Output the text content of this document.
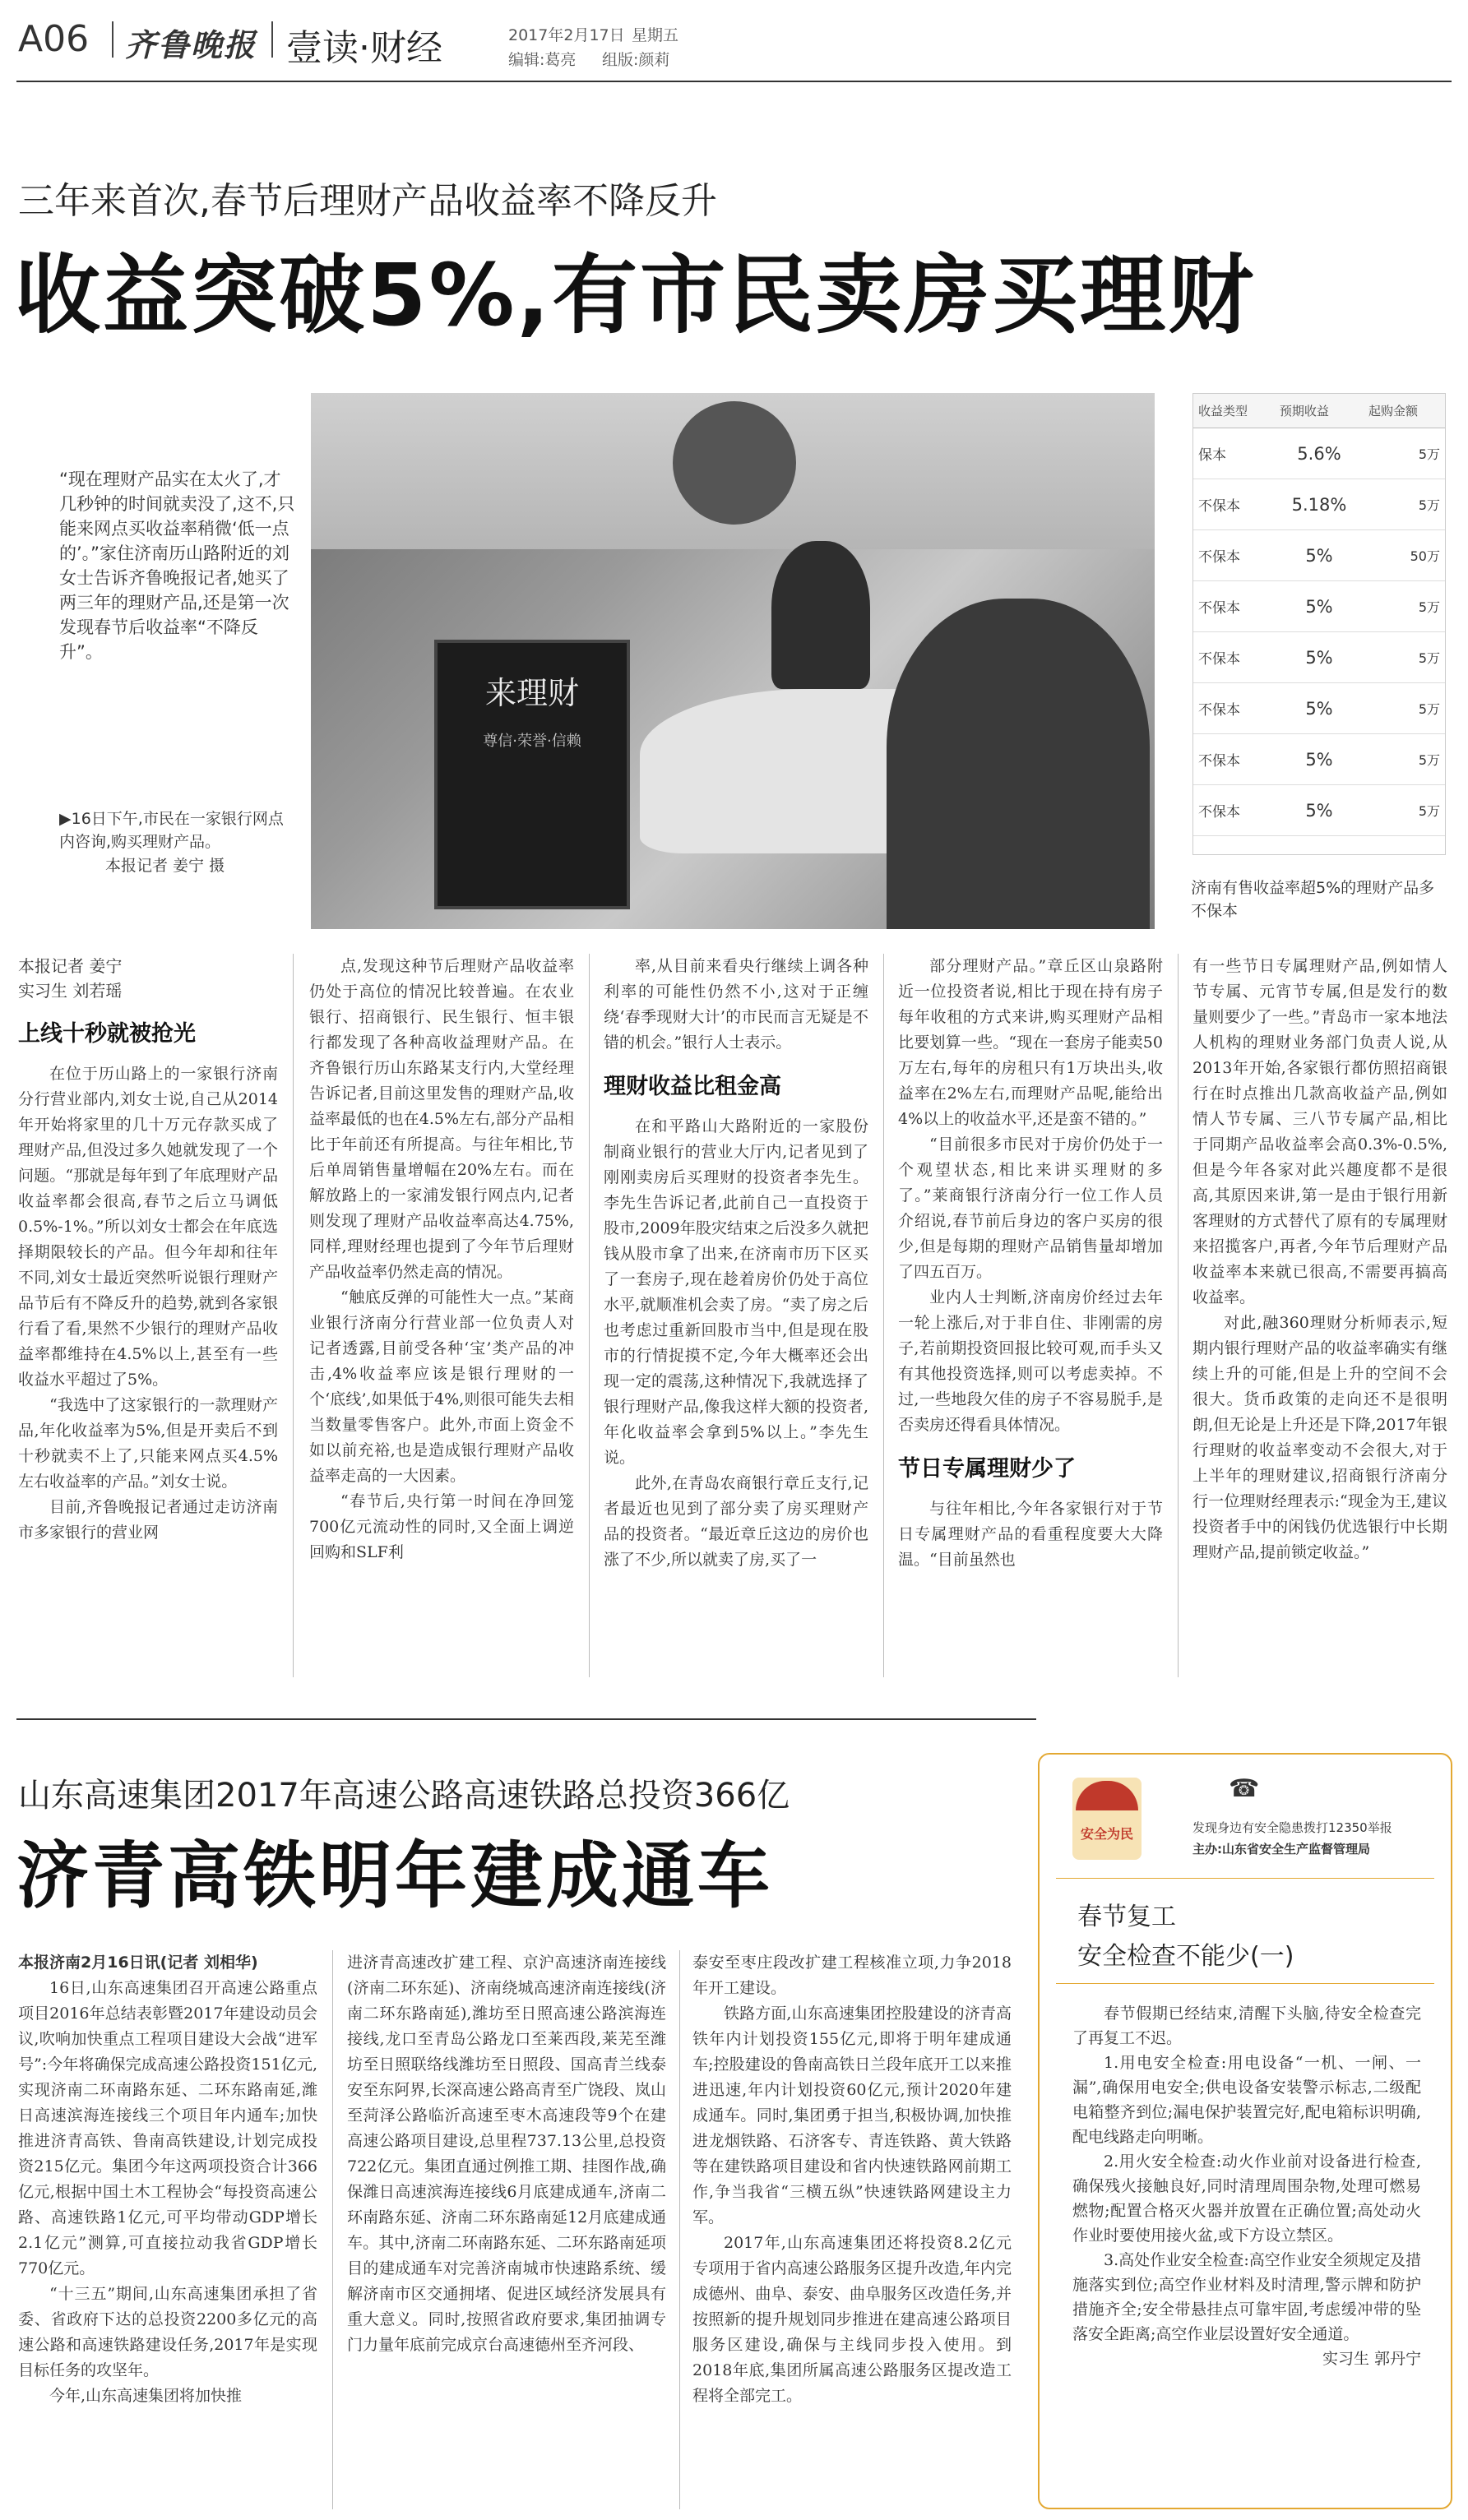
A06 齐鲁晚报 壹读·财经	2017年2月17日 星期五
编辑:葛亮 组版:颜莉
三年来首次,春节后理财产品收益率不降反升
收益突破5%,有市民卖房买理财
“现在理财产品实在太火了,才几秒钟的时间就卖没了,这不,只能来网点买收益率稍微‘低一点的’。”家住济南历山路附近的刘女士告诉齐鲁晚报记者,她买了两三年的理财产品,还是第一次发现春节后收益率“不降反升”。
▶16日下午,市民在一家银行网点内咨询,购买理财产品。
本报记者 姜宁 摄
来理财
尊信·荣誉·信赖
收益类型	预期收益	起购金额
保本	5.6%	5万
不保本	5.18%	5万
不保本	5%	50万
不保本	5%	5万
不保本	5%	5万
不保本	5%	5万
不保本	5%	5万
不保本	5%	5万
济南有售收益率超5%的理财产品多不保本

本报记者 姜宁

实习生 刘若瑶

上线十秒就被抢光

在位于历山路上的一家银行济南分行营业部内,刘女士说,自己从2014年开始将家里的几十万元存款买成了理财产品,但没过多久她就发现了一个问题。“那就是每年到了年底理财产品收益率都会很高,春节之后立马调低0.5%-1%。”所以刘女士都会在年底选择期限较长的产品。但今年却和往年不同,刘女士最近突然听说银行理财产品节后有不降反升的趋势,就到各家银行看了看,果然不少银行的理财产品收益率都维持在4.5%以上,甚至有一些收益水平超过了5%。

“我选中了这家银行的一款理财产品,年化收益率为5%,但是开卖后不到十秒就卖不上了,只能来网点买4.5%左右收益率的产品。”刘女士说。

目前,齐鲁晚报记者通过走访济南市多家银行的营业网

点,发现这种节后理财产品收益率仍处于高位的情况比较普遍。在农业银行、招商银行、民生银行、恒丰银行都发现了各种高收益理财产品。在齐鲁银行历山东路某支行内,大堂经理告诉记者,目前这里发售的理财产品,收益率最低的也在4.5%左右,部分产品相比于年前还有所提高。与往年相比,节后单周销售量增幅在20%左右。而在解放路上的一家浦发银行网点内,记者则发现了理财产品收益率高达4.75%,同样,理财经理也提到了今年节后理财产品收益率仍然走高的情况。

“触底反弹的可能性大一点。”某商业银行济南分行营业部一位负责人对记者透露,目前受各种‘宝’类产品的冲击,4%收益率应该是银行理财的一个‘底线’,如果低于4%,则很可能失去相当数量零售客户。此外,市面上资金不如以前充裕,也是造成银行理财产品收益率走高的一大因素。

“春节后,央行第一时间在净回笼700亿元流动性的同时,又全面上调逆回购和SLF利

率,从目前来看央行继续上调各种利率的可能性仍然不小,这对于正缠绕‘春季现财大计’的市民而言无疑是不错的机会。”银行人士表示。

理财收益比租金高

在和平路山大路附近的一家股份制商业银行的营业大厅内,记者见到了刚刚卖房后买理财的投资者李先生。李先生告诉记者,此前自己一直投资于股市,2009年股灾结束之后没多久就把钱从股市拿了出来,在济南市历下区买了一套房子,现在趁着房价仍处于高位水平,就顺准机会卖了房。“卖了房之后也考虑过重新回股市当中,但是现在股市的行情捉摸不定,今年大概率还会出现一定的震荡,这种情况下,我就选择了银行理财产品,像我这样大额的投资者,年化收益率会拿到5%以上。”李先生说。

此外,在青岛农商银行章丘支行,记者最近也见到了部分卖了房买理财产品的投资者。“最近章丘这边的房价也涨了不少,所以就卖了房,买了一

部分理财产品。”章丘区山泉路附近一位投资者说,相比于现在持有房子每年收租的方式来讲,购买理财产品相比要划算一些。“现在一套房子能卖50万左右,每年的房租只有1万块出头,收益率在2%左右,而理财产品呢,能给出4%以上的收益水平,还是蛮不错的。”

“目前很多市民对于房价仍处于一个观望状态,相比来讲买理财的多了。”莱商银行济南分行一位工作人员介绍说,春节前后身边的客户买房的很少,但是每期的理财产品销售量却增加了四五百万。

业内人士判断,济南房价经过去年一轮上涨后,对于非自住、非刚需的房子,若前期投资回报比较可观,而手头又有其他投资选择,则可以考虑卖掉。不过,一些地段欠佳的房子不容易脱手,是否卖房还得看具体情况。

节日专属理财少了

与往年相比,今年各家银行对于节日专属理财产品的看重程度要大大降温。“目前虽然也

有一些节日专属理财产品,例如情人节专属、元宵节专属,但是发行的数量则要少了一些。”青岛市一家本地法人机构的理财业务部门负责人说,从2013年开始,各家银行都仿照招商银行在时点推出几款高收益产品,例如情人节专属、三八节专属产品,相比于同期产品收益率会高0.3%-0.5%,但是今年各家对此兴趣度都不是很高,其原因来讲,第一是由于银行用新客理财的方式替代了原有的专属理财来招揽客户,再者,今年节后理财产品收益率本来就已很高,不需要再搞高收益率。

对此,融360理财分析师表示,短期内银行理财产品的收益率确实有继续上升的可能,但是上升的空间不会很大。货币政策的走向还不是很明朗,但无论是上升还是下降,2017年银行理财的收益率变动不会很大,对于上半年的理财建议,招商银行济南分行一位理财经理表示:“现金为王,建议投资者手中的闲钱仍优选银行中长期理财产品,提前锁定收益。”

山东高速集团2017年高速公路高速铁路总投资366亿
济青高铁明年建成通车

本报济南2月16日讯(记者 刘相华)

16日,山东高速集团召开高速公路重点项目2016年总结表彰暨2017年建设动员会议,吹响加快重点工程项目建设大会战“进军号”:今年将确保完成高速公路投资151亿元,实现济南二环南路东延、二环东路南延,潍日高速滨海连接线三个项目年内通车;加快推进济青高铁、鲁南高铁建设,计划完成投资215亿元。集团今年这两项投资合计366亿元,根据中国土木工程协会“每投资高速公路、高速铁路1亿元,可平均带动GDP增长2.1亿元”测算,可直接拉动我省GDP增长770亿元。

“十三五”期间,山东高速集团承担了省委、省政府下达的总投资2200多亿元的高速公路和高速铁路建设任务,2017年是实现目标任务的攻坚年。

今年,山东高速集团将加快推

进济青高速改扩建工程、京沪高速济南连接线(济南二环东延)、济南绕城高速济南连接线(济南二环东路南延),潍坊至日照高速公路滨海连接线,龙口至青岛公路龙口至莱西段,莱芜至潍坊至日照联络线潍坊至日照段、国高青兰线泰安至东阿界,长深高速公路高青至广饶段、岚山至菏泽公路临沂高速至枣木高速段等9个在建高速公路项目建设,总里程737.13公里,总投资722亿元。集团直通过例推工期、挂图作战,确保潍日高速滨海连接线6月底建成通车,济南二环南路东延、济南二环东路南延12月底建成通车。其中,济南二环南路东延、二环东路南延项目的建成通车对完善济南城市快速路系统、缓解济南市区交通拥堵、促进区域经济发展具有重大意义。同时,按照省政府要求,集团抽调专门力量年底前完成京台高速德州至齐河段、

泰安至枣庄段改扩建工程核准立项,力争2018年开工建设。

铁路方面,山东高速集团控股建设的济青高铁年内计划投资155亿元,即将于明年建成通车;控股建设的鲁南高铁日兰段年底开工以来推进迅速,年内计划投资60亿元,预计2020年建成通车。同时,集团勇于担当,积极协调,加快推进龙烟铁路、石济客专、青连铁路、黄大铁路等在建铁路项目建设和省内快速铁路网前期工作,争当我省“三横五纵”快速铁路网建设主力军。

2017年,山东高速集团还将投资8.2亿元专项用于省内高速公路服务区提升改造,年内完成德州、曲阜、泰安、曲阜服务区改造任务,并按照新的提升规划同步推进在建高速公路项目服务区建设,确保与主线同步投入使用。到2018年底,集团所属高速公路服务区提改造工程将全部完工。

安全为民
☎
发现身边有安全隐患拨打12350举报
主办:山东省安全生产监督管理局
春节复工
安全检查不能少(一)

春节假期已经结束,清醒下头脑,待安全检查完了再复工不迟。

1.用电安全检查:用电设备“一机、一闸、一漏”,确保用电安全;供电设备安装警示标志,二级配电箱整齐到位;漏电保护装置完好,配电箱标识明确,配电线路走向明晰。

2.用火安全检查:动火作业前对设备进行检查,确保残火接触良好,同时清理周围杂物,处理可燃易燃物;配置合格灭火器并放置在正确位置;高处动火作业时要使用接火盆,或下方设立禁区。

3.高处作业安全检查:高空作业安全须规定及措施落实到位;高空作业材料及时清理,警示牌和防护措施齐全;安全带悬挂点可靠牢固,考虑缓冲带的坠落安全距离;高空作业层设置好安全通道。

实习生 郭丹宁
